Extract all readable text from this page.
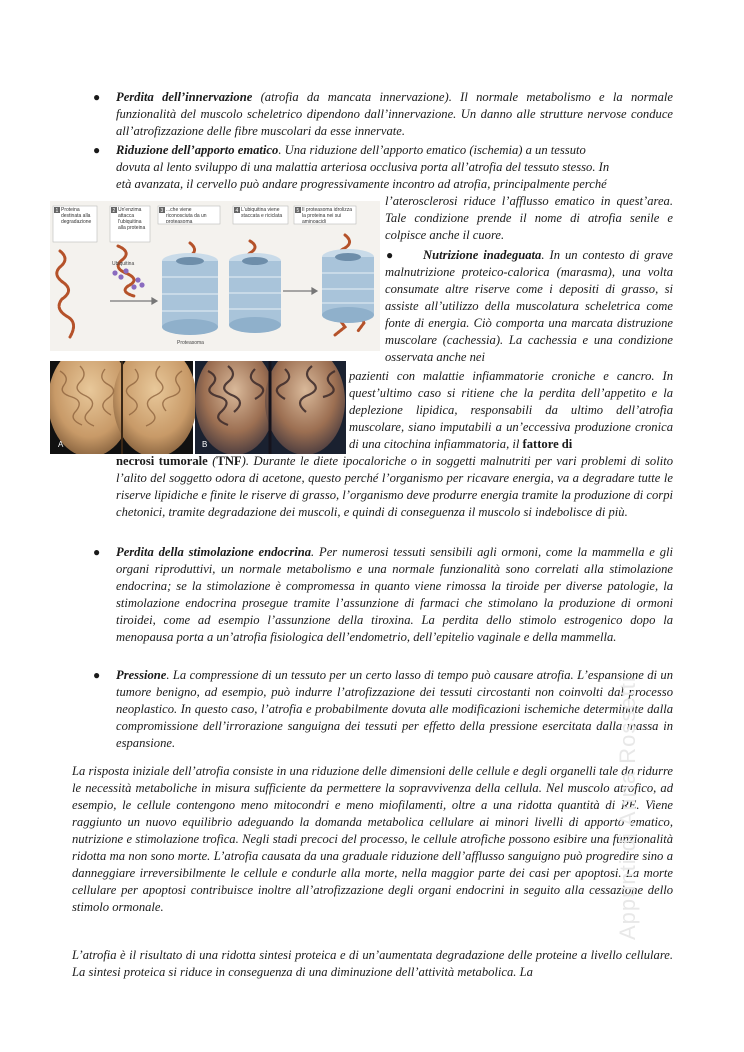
● Perdita dell’innervazione (atrofia da mancata innervazione). Il normale metabolismo e la normale funzionalità del muscolo scheletrico dipendono dall’innervazione. Un danno alle strutture nervose conduce all’atrofizzazione delle fibre muscolari da esse innervate.

● Riduzione dell’apporto ematico. Una riduzione dell’apporto ematico (ischemia) a un tessuto

dovuta al lento sviluppo di una malattia arteriosa occlusiva porta all’atrofia del tessuto stesso. In

età avanzata, il cervello può andare progressivamente incontro ad atrofia, principalmente perché

l’aterosclerosi riduce l’afflusso ematico in quest’area. Tale condizione prende il nome di atrofia senile e colpisce anche il cuore.

●	Nutrizione inadeguata. In un contesto di grave malnutrizione proteico-calorica (marasma), una volta consumate altre riserve come i depositi di grasso, si assiste all’utilizzo della muscolatura scheletrica come fonte di energia. Ciò comporta una marcata distruzione muscolare (cachessia). La cachessia e una condizione osservata anche nei

pazienti con malattie infiammatorie croniche e cancro. In quest’ultimo caso si ritiene che la perdita dell’appetito e la deplezione lipidica, responsabili da ultimo dell’atrofia muscolare, siano imputabili a un’eccessiva produzione cronica di una citochina infiammatoria, il fattore di

necrosi tumorale (TNF). Durante le diete ipocaloriche o in soggetti malnutriti per vari problemi di solito l’alito del soggetto odora di acetone, questo perché l’organismo per ricavare energia, va a degradare tutte le riserve lipidiche e finite le riserve di grasso, l’organismo deve produrre energia tramite la produzione di corpi chetonici, tramite degradazione dei muscoli, e quindi di conseguenza il muscolo si indebolisce di più.

● Perdita della stimolazione endocrina. Per numerosi tessuti sensibili agli ormoni, come la mammella e gli organi riproduttivi, un normale metabolismo e una normale funzionalità sono correlati alla stimolazione endocrina; se la stimolazione è compromessa in quanto viene rimossa la tiroide per diverse patologie, la stimolazione endocrina prosegue tramite l’assunzione di farmaci che stimolano la produzione di ormoni tiroidei, come ad esempio l’assunzione della tiroxina. La perdita dello stimolo estrogenico dopo la menopausa porta a un’atrofia fisiologica dell’endometrio, dell’epitelio vaginale e della mammella.

● Pressione. La compressione di un tessuto per un certo lasso di tempo può causare atrofia. L’espansione di un tumore benigno, ad esempio, può indurre l’atrofizzazione dei tessuti circostanti non coinvolti dal processo neoplastico. In questo caso, l’atrofia e probabilmente dovuta alle modificazioni ischemiche determinate dalla compromissione dell’irrorazione sanguigna dei tessuti per effetto della pressione esercitata dalla massa in espansione.

La risposta iniziale dell’atrofia consiste in una riduzione delle dimensioni delle cellule e degli organelli tale da ridurre le necessità metaboliche in misura sufficiente da permettere la sopravvivenza della cellula. Nel muscolo atrofico, ad esempio, le cellule contengono meno mitocondri e meno miofilamenti, oltre a una ridotta quantità di RE. Viene raggiunto un nuovo equilibrio adeguando la domanda metabolica cellulare ai minori livelli di apporto ematico, nutrizione e stimolazione trofica. Negli stadi precoci del processo, le cellule atrofiche possono esibire una funzionalità ridotta ma non sono morte. L’atrofia causata da una graduale riduzione dell’afflusso sanguigno può progredire sino a danneggiare irreversibilmente le cellule e condurle alla morte, nella maggior parte dei casi per apoptosi. La morte cellulare per apoptosi contribuisce inoltre all’atrofizzazione degli organi endocrini in seguito alla cessazione dello stimolo ormonale.

L’atrofia è il risultato di una ridotta sintesi proteica e di un’aumentata degradazione delle proteine a livello cellulare. La sintesi proteica si riduce in conseguenza di una diminuzione dell’attività metabolica. La

1	2	3	4	5
Proteina destinata alla degradazione
Un'enzima attacca l'ubiquitina alla proteina
...che viene riconosciuta da un proteasoma
L'ubiquitina viene staccata e riciclata
Il proteasoma idrolizza la proteina nei sui aminoacidi
Ubiquitina
Proteasoma
A	B
Appunti di Anna Rossetti
